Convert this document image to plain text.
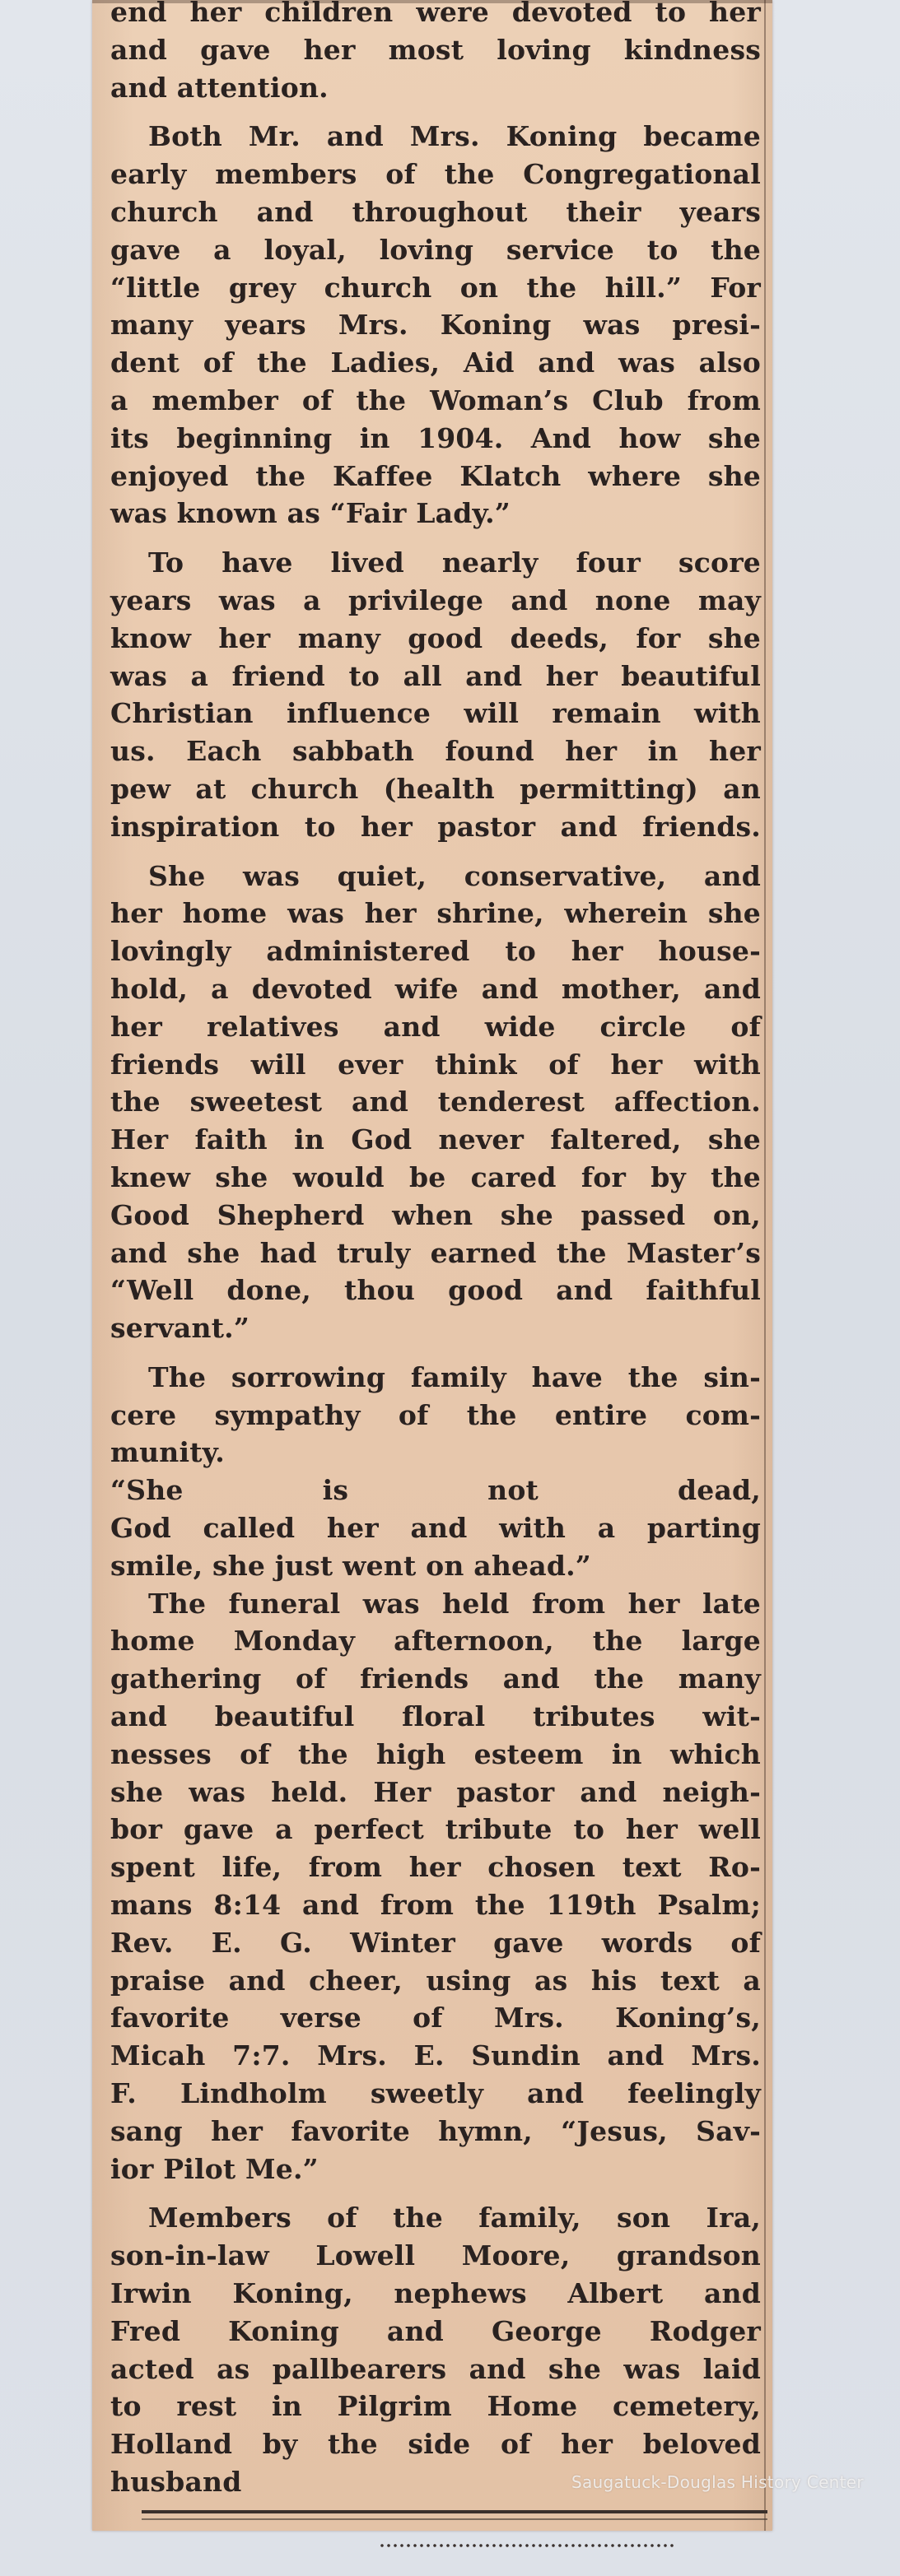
end her children were devoted to her
and gave her most loving kindness
and attention.
Both Mr. and Mrs. Koning became
early members of the Congregational
church and throughout their years
gave a loyal, loving service to the
“little grey church on the hill.” For
many years Mrs. Koning was presi-
dent of the Ladies, Aid and was also
a member of the Woman’s Club from
its beginning in 1904. And how she
enjoyed the Kaffee Klatch where she
was known as “Fair Lady.”
To have lived nearly four score
years was a privilege and none may
know her many good deeds, for she
was a friend to all and her beautiful
Christian influence will remain with
us. Each sabbath found her in her
pew at church (health permitting) an
inspiration to her pastor and friends.
She was quiet, conservative, and
her home was her shrine, wherein she
lovingly administered to her house-
hold, a devoted wife and mother, and
her relatives and wide circle of
friends will ever think of her with
the sweetest and tenderest affection.
Her faith in God never faltered, she
knew she would be cared for by the
Good Shepherd when she passed on,
and she had truly earned the Master’s
“Well done, thou good and faithful
servant.”
The sorrowing family have the sin-
cere sympathy of the entire com-
munity.
“She is not dead,
God called her and with a parting
smile, she just went on ahead.”
The funeral was held from her late
home Monday afternoon, the large
gathering of friends and the many
and beautiful floral tributes wit-
nesses of the high esteem in which
she was held. Her pastor and neigh-
bor gave a perfect tribute to her well
spent life, from her chosen text Ro-
mans 8:14 and from the 119th Psalm;
Rev. E. G. Winter gave words of
praise and cheer, using as his text a
favorite verse of Mrs. Koning’s,
Micah 7:7. Mrs. E. Sundin and Mrs.
F. Lindholm sweetly and feelingly
sang her favorite hymn, “Jesus, Sav-
ior Pilot Me.”
Members of the family, son Ira,
son-in-law Lowell Moore, grandson
Irwin Koning, nephews Albert and
Fred Koning and George Rodger
acted as pallbearers and she was laid
to rest in Pilgrim Home cemetery,
Holland by the side of her beloved
husband	Saugatuck-Douglas History Center
